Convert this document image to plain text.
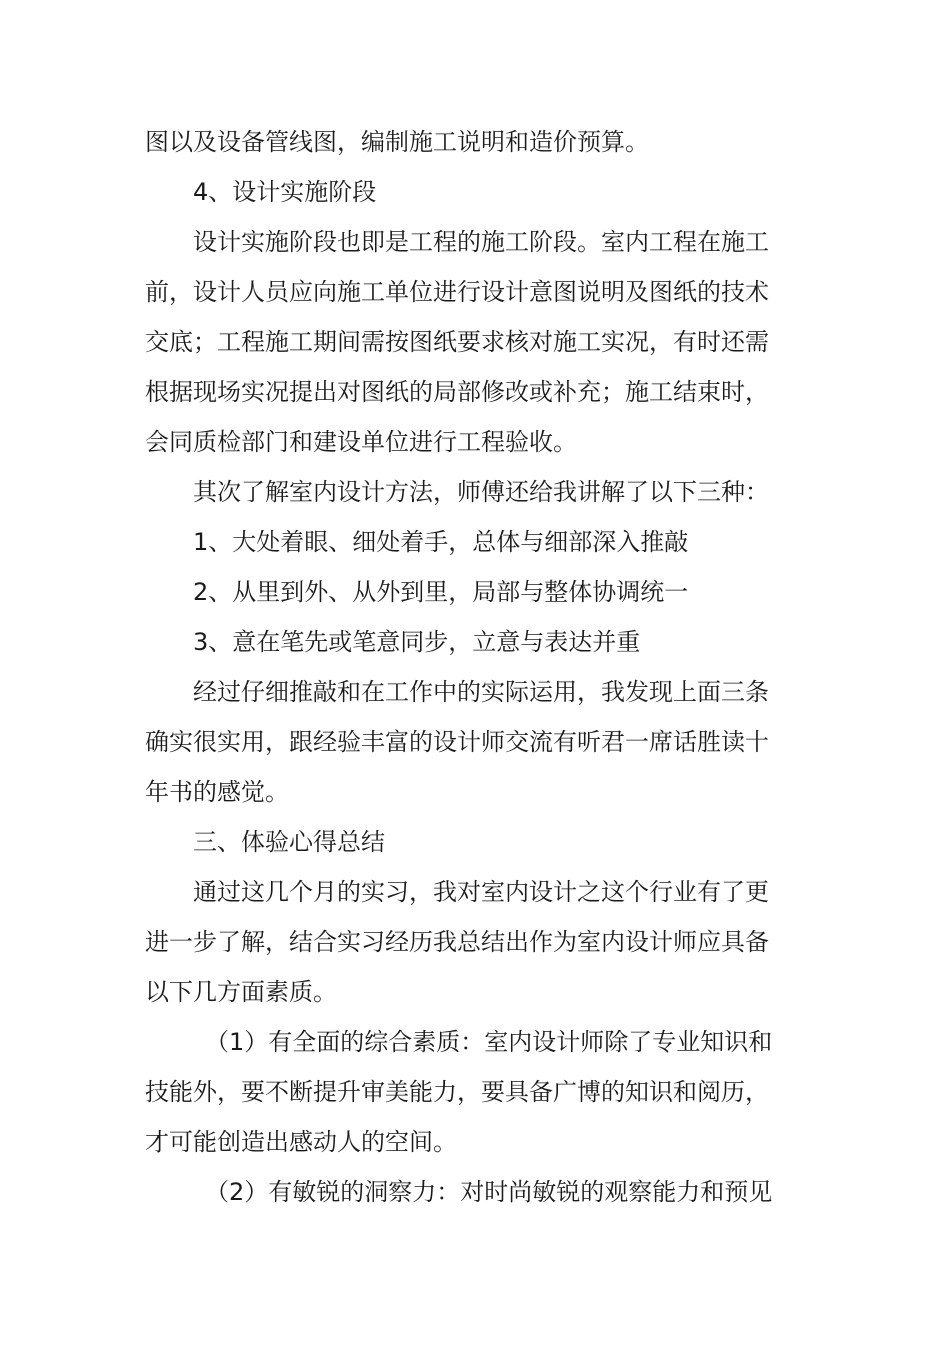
图以及设备管线图，编制施工说明和造价预算。
4、设计实施阶段
设计实施阶段也即是工程的施工阶段。室内工程在施工
前，设计人员应向施工单位进行设计意图说明及图纸的技术
交底；工程施工期间需按图纸要求核对施工实况，有时还需
根据现场实况提出对图纸的局部修改或补充；施工结束时，
会同质检部门和建设单位进行工程验收。
其次了解室内设计方法，师傅还给我讲解了以下三种：
1、大处着眼、细处着手，总体与细部深入推敲
2、从里到外、从外到里，局部与整体协调统一
3、意在笔先或笔意同步，立意与表达并重
经过仔细推敲和在工作中的实际运用，我发现上面三条
确实很实用，跟经验丰富的设计师交流有听君一席话胜读十
年书的感觉。
三、体验心得总结
通过这几个月的实习，我对室内设计之这个行业有了更
进一步了解，结合实习经历我总结出作为室内设计师应具备
以下几方面素质。
（1）有全面的综合素质：室内设计师除了专业知识和
技能外，要不断提升审美能力，要具备广博的知识和阅历，
才可能创造出感动人的空间。
（2）有敏锐的洞察力：对时尚敏锐的观察能力和预见
